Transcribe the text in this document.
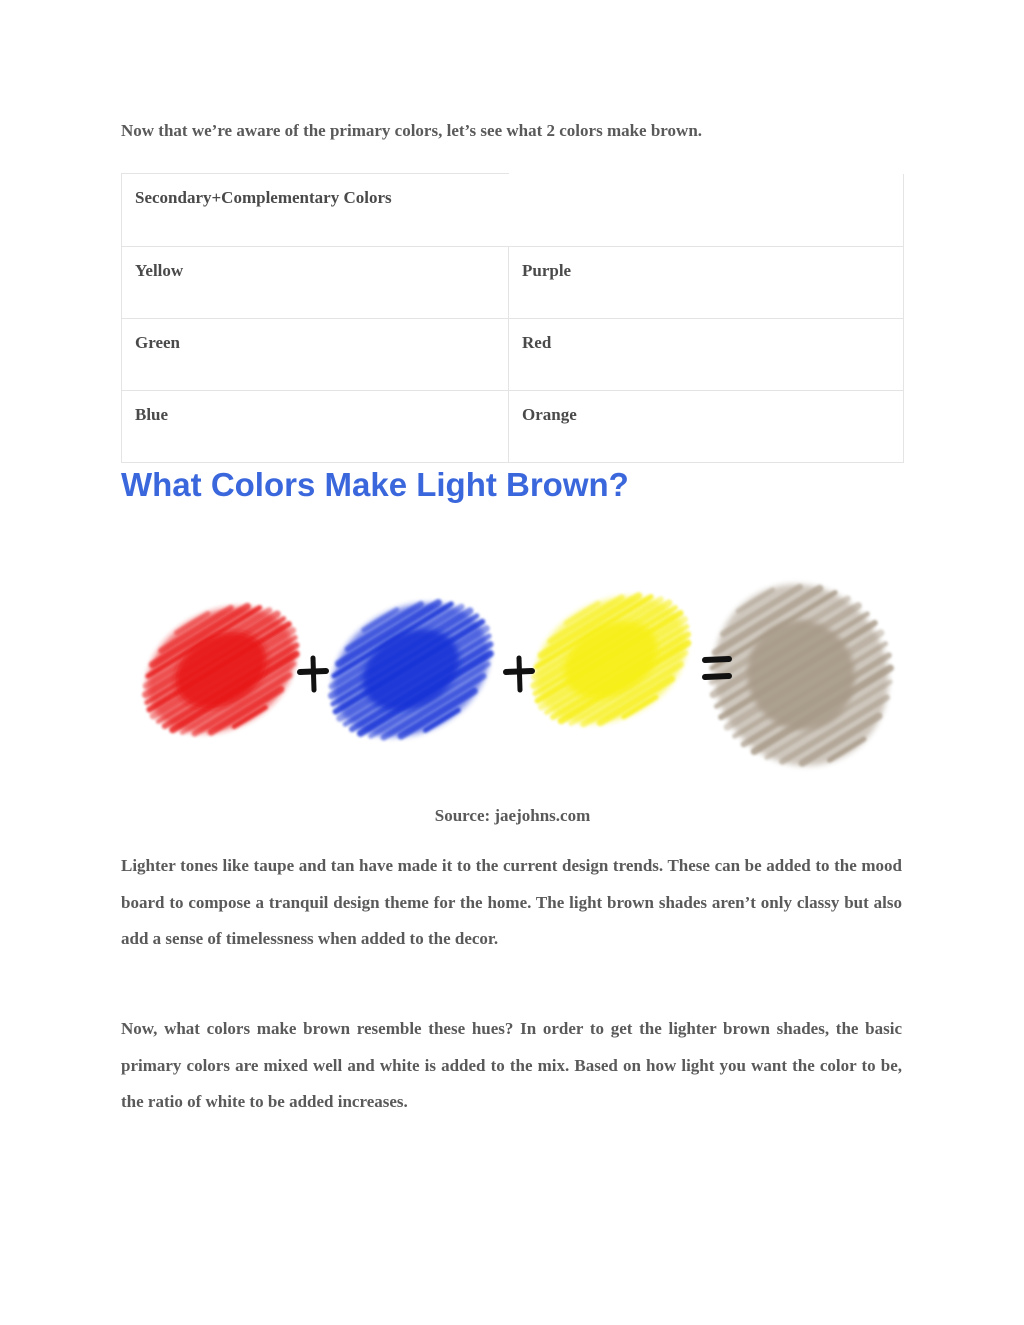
Now that we’re aware of the primary colors, let’s see what 2 colors make brown.
Secondary+Complementary Colors	
Yellow	Purple
Green	Red
Blue	Orange
What Colors Make Light Brown?
Source: jaejohns.com

Lighter tones like taupe and tan have made it to the current design trends. These can be added to the mood board to compose a tranquil design theme for the home. The light brown shades aren’t only classy but also add a sense of timelessness when added to the decor.

Now, what colors make brown resemble these hues? In order to get the lighter brown shades, the basic primary colors are mixed well and white is added to the mix. Based on how light you want the color to be, the ratio of white to be added increases.
